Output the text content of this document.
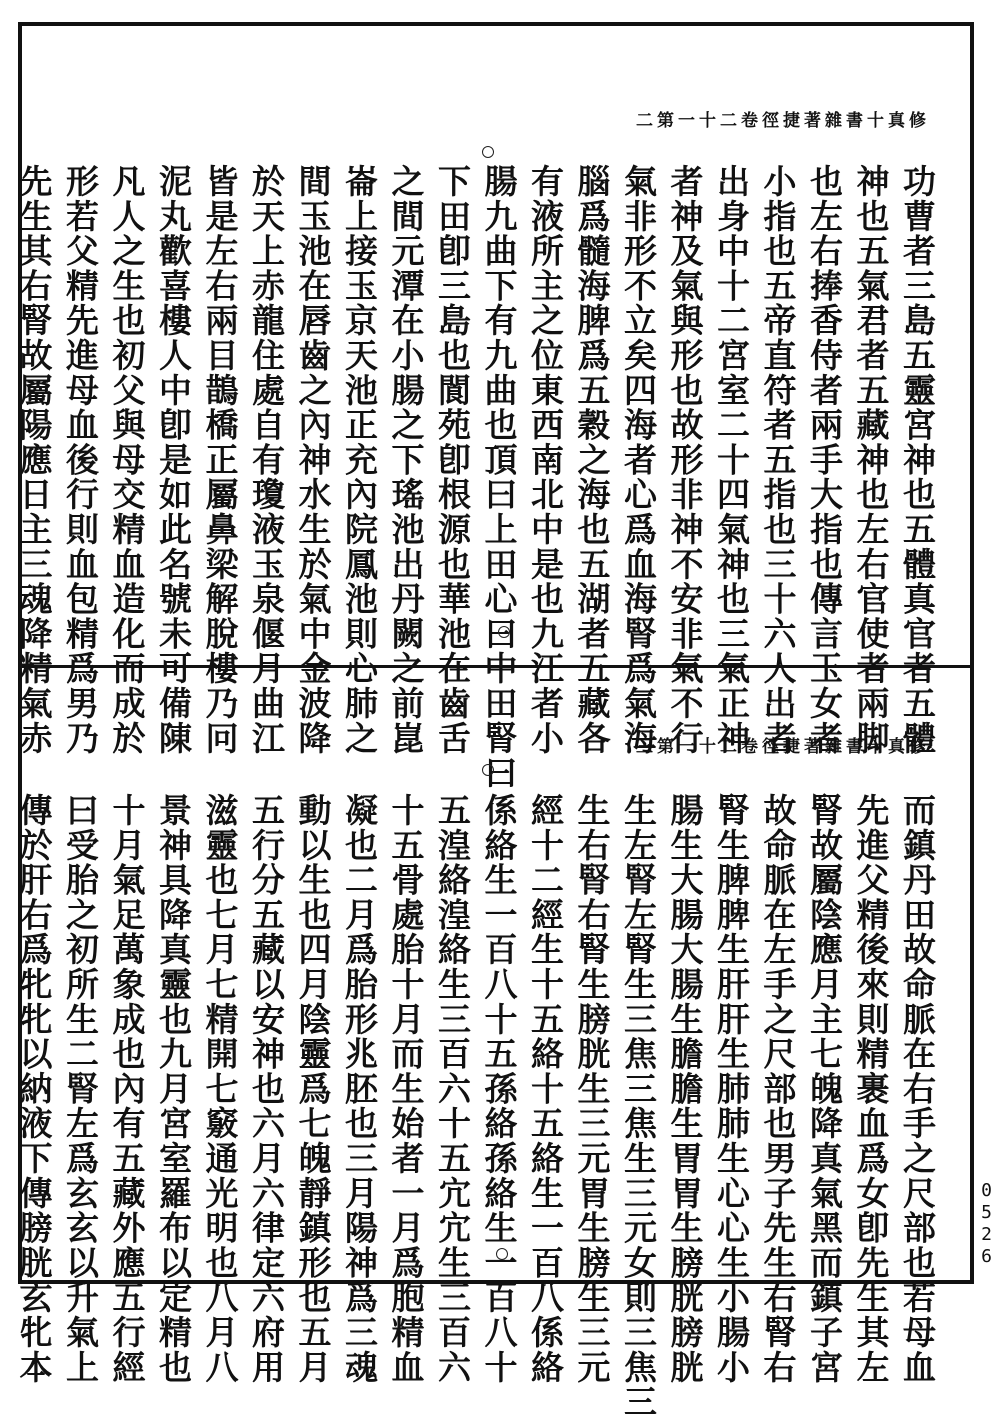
修真十書雜著捷徑卷二十一第二
功曹者三島五靈宮神也五體真官者五體
神也五氣君者五藏神也左右官使者兩脚
也左右捧香侍者兩手大指也傳言玉女者
小指也五帝直符者五指也三十六人出者
出身中十二宮室二十四氣神也三氣正神
者神及氣與形也故形非神不安非氣不行
氣非形不立矣四海者心爲血海腎爲氣海
腦爲髓海脾爲五穀之海也五湖者五藏各
有液所主之位東西南北中是也九江者小
腸九曲下有九曲也頂曰上田心曰中田腎曰
下田卽三島也閬苑卽根源也華池在齒舌
之間元潭在小腸之下瑤池出丹闕之前崑
崙上接玉京天池正充內院鳳池則心肺之
間玉池在唇齒之內神水生於氣中金波降
於天上赤龍住處自有瓊液玉泉偃月曲江
皆是左右兩目鵲橋正屬鼻梁解脫樓乃冋
泥丸歡喜樓人中卽是如此名號未可備陳
凡人之生也初父與母交精血造化而成於
形若父精先進母血後行則血包精爲男乃
先生其右腎故屬陽應日主三魂降精氣赤	修真十書雜著捷徑卷二十一第三
而鎮丹田故命脈在右手之尺部也若母血
先進父精後來則精裹血爲女卽先生其左
腎故屬陰應月主七魄降真氣黑而鎮子宮
故命脈在左手之尺部也男子先生右腎右
腎生脾脾生肝肝生肺肺生心心生小腸小
腸生大腸大腸生膽膽生胃胃生膀胱膀胱
生左腎左腎生三焦三焦生三元女則三焦三
生右腎右腎生膀胱生三元胃生膀生三元
經十二經生十五絡十五絡生一百八係絡
係絡生一百八十五孫絡孫絡生一百八十
五湟絡湟絡生三百六十五宂宂生三百六
十五骨處胎十月而生始者一月爲胞精血
凝也二月爲胎形兆胚也三月陽神爲三魂
動以生也四月陰靈爲七魄靜鎮形也五月
五行分五藏以安神也六月六律定六府用
滋靈也七月七精開七竅通光明也八月八
景神具降真靈也九月宮室羅布以定精也
十月氣足萬象成也內有五藏外應五行經
曰受胎之初所生二腎左爲玄玄以升氣上
傳於肝右爲牝牝以納液下傳膀胱玄牝本	0526
